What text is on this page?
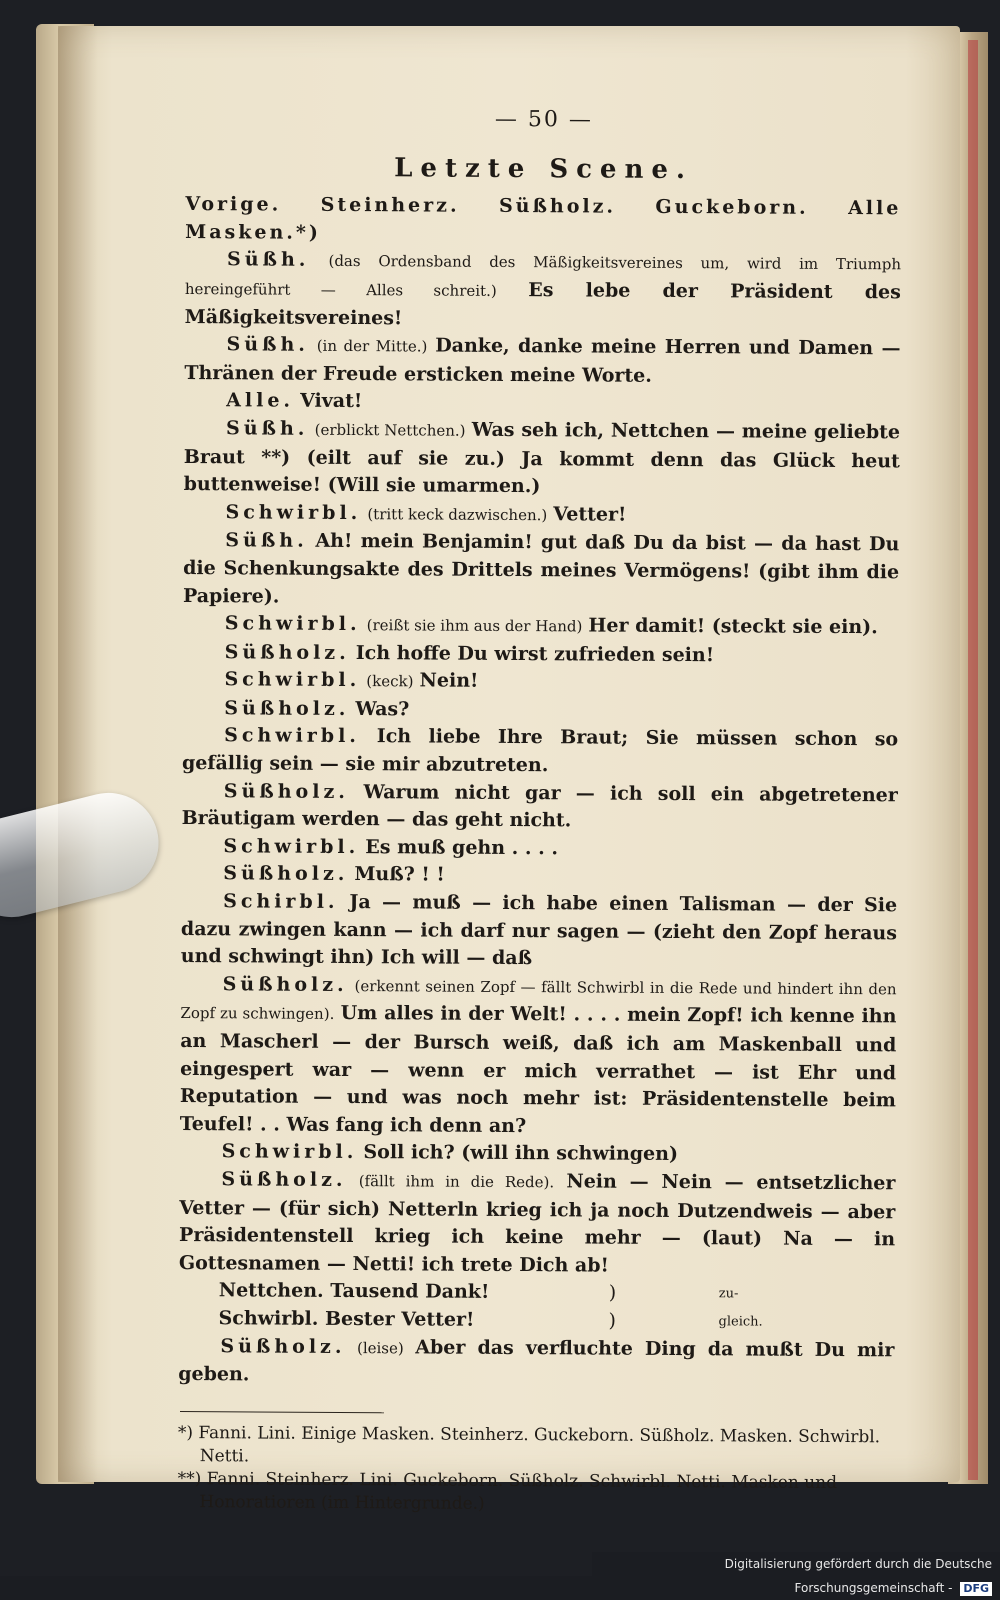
— 50 —
Letzte Scene.

Vorige. Steinherz. Süßholz. Guckeborn. Alle Masken.*)

Süßh. (das Ordensband des Mäßigkeitsvereines um, wird im Triumph hereingeführt — Alles schreit.) Es lebe der Präsident des Mäßigkeitsvereines!

Süßh. (in der Mitte.) Danke, danke meine Herren und Damen — Thränen der Freude ersticken meine Worte.

Alle. Vivat!

Süßh. (erblickt Nettchen.) Was seh ich, Nettchen — meine geliebte Braut **) (eilt auf sie zu.) Ja kommt denn das Glück heut buttenweise! (Will sie umarmen.)

Schwirbl. (tritt keck dazwischen.) Vetter!

Süßh. Ah! mein Benjamin! gut daß Du da bist — da hast Du die Schenkungsakte des Drittels meines Vermögens! (gibt ihm die Papiere).

Schwirbl. (reißt sie ihm aus der Hand) Her damit! (steckt sie ein).

Süßholz. Ich hoffe Du wirst zufrieden sein!

Schwirbl. (keck) Nein!

Süßholz. Was?

Schwirbl. Ich liebe Ihre Braut; Sie müssen schon so gefällig sein — sie mir abzutreten.

Süßholz. Warum nicht gar — ich soll ein abgetretener Bräutigam werden — das geht nicht.

Schwirbl. Es muß gehn . . . .

Süßholz. Muß? ! !

Schirbl. Ja — muß — ich habe einen Talisman — der Sie dazu zwingen kann — ich darf nur sagen — (zieht den Zopf heraus und schwingt ihn) Ich will — daß

Süßholz. (erkennt seinen Zopf — fällt Schwirbl in die Rede und hindert ihn den Zopf zu schwingen). Um alles in der Welt! . . . . mein Zopf! ich kenne ihn an Mascherl — der Bursch weiß, daß ich am Maskenball und eingespert war — wenn er mich verrathet — ist Ehr und Reputation — und was noch mehr ist: Präsidentenstelle beim Teufel! . . Was fang ich denn an?

Schwirbl. Soll ich? (will ihn schwingen)

Süßholz. (fällt ihm in die Rede). Nein — Nein — entsetzlicher Vetter — (für sich) Netterln krieg ich ja noch Dutzendweis — aber Präsidentenstell krieg ich keine mehr — (laut) Na — in Gottesnamen — Netti! ich trete Dich ab!

Nettchen. Tausend Dank!	)	zu-
Schwirbl. Bester Vetter!	)	gleich.

Süßholz. (leise) Aber das verfluchte Ding da mußt Du mir geben.

*) Fanni. Lini. Einige Masken. Steinherz. Guckeborn. Süßholz. Masken. Schwirbl. Netti.

**) Fanni. Steinherz. Lini. Guckeborn. Süßholz. Schwirbl. Netti. Masken und Honoratioren (im Hintergrunde.)

Digitalisierung gefördert durch die Deutsche Forschungsgemeinschaft - DFG
